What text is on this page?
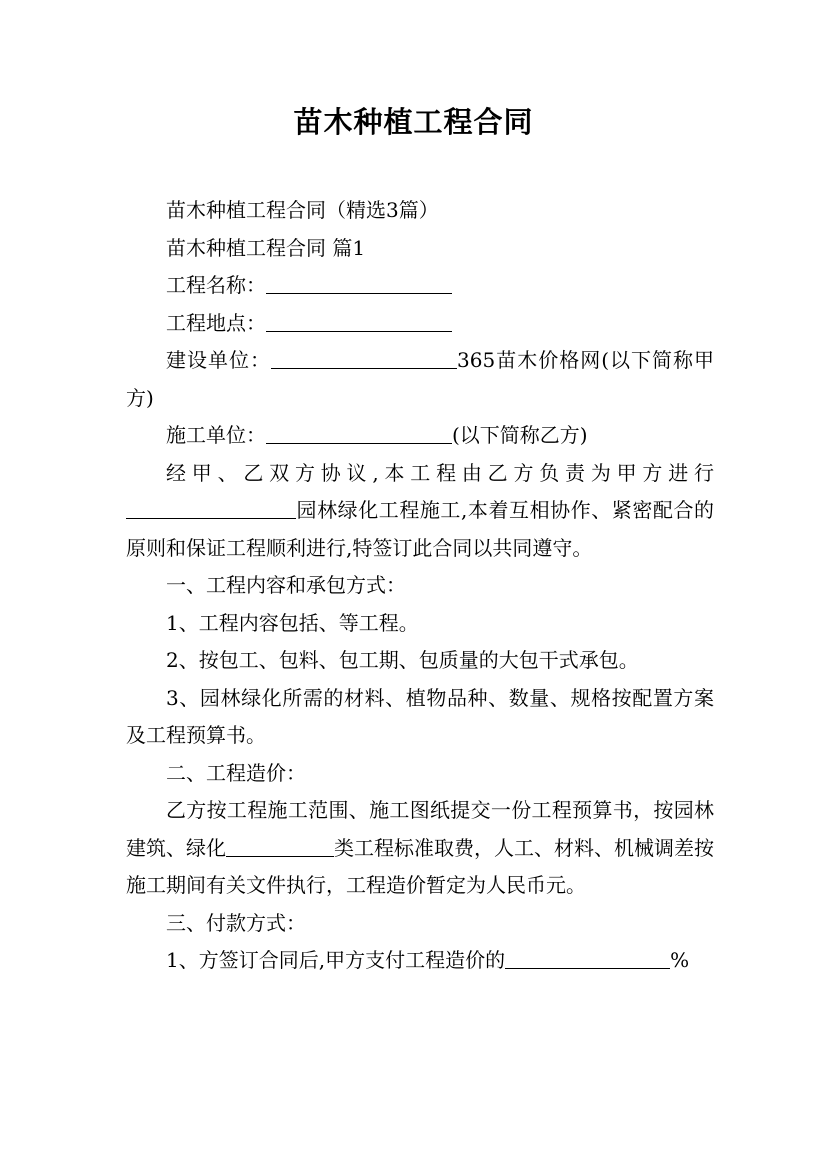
苗木种植工程合同

苗木种植工程合同（精选3篇）

苗木种植工程合同 篇1

工程名称：

工程地点：

建设单位：	365苗木价格网(以下简称甲方)

施工单位：	(以下简称乙方)

经甲、乙双方协议,本工程由乙方负责为甲方进行园林绿化工程施工,本着互相协作、紧密配合的原则和保证工程顺利进行,特签订此合同以共同遵守。

一、工程内容和承包方式：

1、工程内容包括、等工程。

2、按包工、包料、包工期、包质量的大包干式承包。

3、园林绿化所需的材料、植物品种、数量、规格按配置方案及工程预算书。

二、工程造价：

乙方按工程施工范围、施工图纸提交一份工程预算书，按园林建筑、绿化	类工程标准取费，人工、材料、机械调差按施工期间有关文件执行，工程造价暂定为人民币元。

三、付款方式：

1、方签订合同后,甲方支付工程造价的	%
